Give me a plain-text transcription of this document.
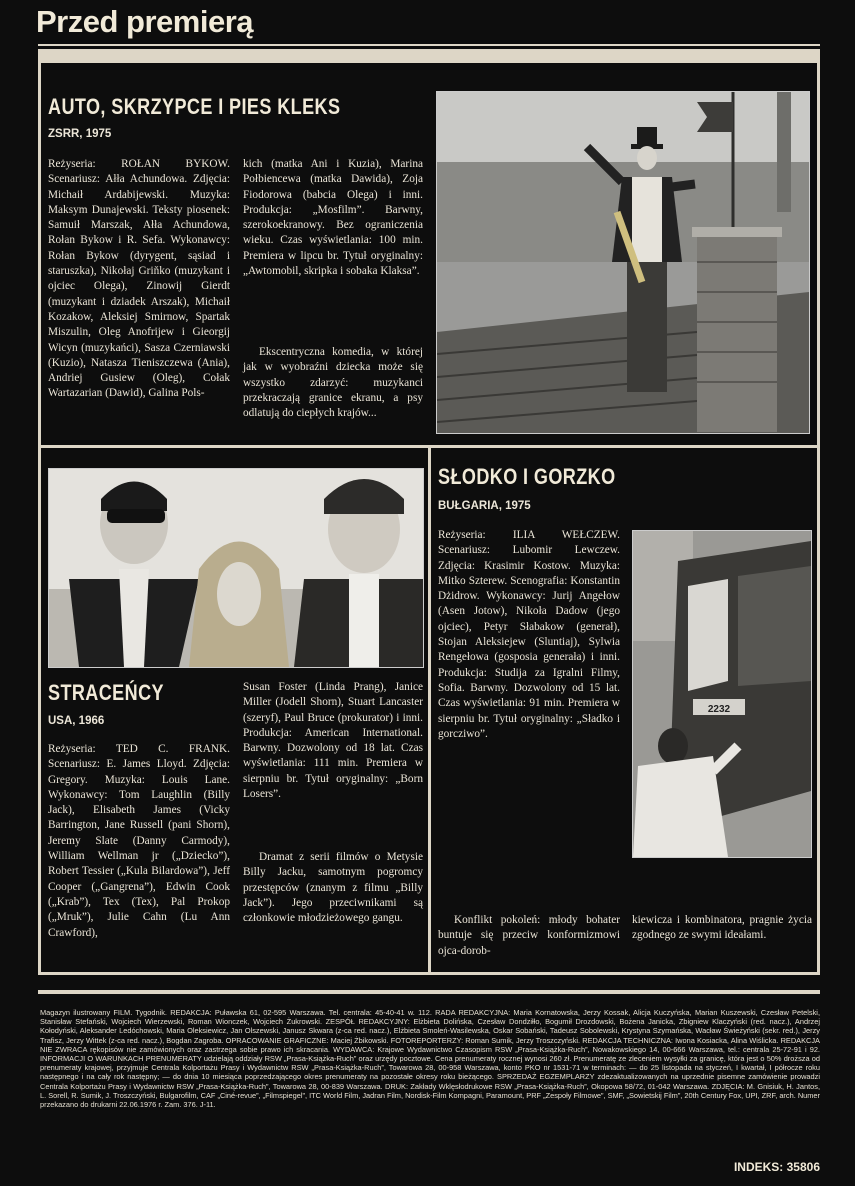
Przed premierą
AUTO, SKRZYPCE I PIES KLEKS
ZSRR, 1975
Reżyseria: ROŁAN BYKOW. Scenariusz: Ałła Achundowa. Zdjęcia: Michaił Ardabijewski. Muzyka: Maksym Dunajewski. Teksty piosenek: Samuił Marszak, Ałła Achundowa, Rołan Bykow i R. Sefa. Wykonawcy: Rołan Bykow (dyrygent, sąsiad i staruszka), Nikołaj Griňko (muzykant i ojciec Olega), Zinowij Gierdt (muzykant i dziadek Arszak), Michaił Kozakow, Aleksiej Smirnow, Spartak Miszulin, Oleg Anofrijew i Gieorgij Wicyn (muzykańci), Sasza Czerniawski (Kuzio), Natasza Tieniszczewa (Ania), Andriej Gusiew (Oleg), Cołak Wartazarian (Dawid), Galina Pols-
kich (matka Ani i Kuzia), Marina Połbiencewa (matka Dawida), Zoja Fiodorowa (babcia Olega) i inni. Produkcja: „Mosfilm”. Barwny, szerokoekranowy. Bez ograniczenia wieku. Czas wyświetlania: 100 min. Premiera w lipcu br. Tytuł oryginalny: „Awtomobil, skripka i sobaka Klaksa”.
Ekscentryczna komedia, w której jak w wyobraźni dziecka może się wszystko zdarzyć: muzykanci przekraczają granice ekranu, a psy odlatują do ciepłych krajów...
STRACEŃCY
USA, 1966
Reżyseria: TED C. FRANK. Scenariusz: E. James Lloyd. Zdjęcia: Gregory. Muzyka: Louis Lane. Wykonawcy: Tom Laughlin (Billy Jack), Elisabeth James (Vicky Barrington, Jane Russell (pani Shorn), Jeremy Slate (Danny Carmody), William Wellman jr („Dziecko”), Robert Tessier („Kula Bilardowa”), Jeff Cooper („Gangrena”), Edwin Cook („Krab”), Tex (Tex), Pal Prokop („Mruk”), Julie Cahn (Lu Ann Crawford),
Susan Foster (Linda Prang), Janice Miller (Jodell Shorn), Stuart Lancaster (szeryf), Paul Bruce (prokurator) i inni. Produkcja: American International. Barwny. Dozwolony od 18 lat. Czas wyświetlania: 111 min. Premiera w sierpniu br. Tytuł oryginalny: „Born Losers”.
Dramat z serii filmów o Metysie Billy Jacku, samotnym pogromcy przestępców (znanym z filmu „Billy Jack”). Jego przeciwnikami są członkowie młodzieżowego gangu.
SŁODKO I GORZKO
BUŁGARIA, 1975
Reżyseria: ILIA WEŁCZEW. Scenariusz: Lubomir Lewczew. Zdjęcia: Krasimir Kostow. Muzyka: Mitko Szterew. Scenografia: Konstantin Dżidrow. Wykonawcy: Jurij Angełow (Asen Jotow), Nikoła Dadow (jego ojciec), Petyr Słabakow (generał), Stojan Aleksiejew (Sluntiaj), Sylwia Rengełowa (gosposia generała) i inni. Produkcja: Studija za Igralni Filmy, Sofia. Barwny. Dozwolony od 15 lat. Czas wyświetlania: 91 min. Premiera w sierpniu br. Tytuł oryginalny: „Sładko i gorcziwo”.
2232
Konflikt pokoleń: młody bohater buntuje się przeciw konformizmowi ojca-dorob-
kiewicza i kombinatora, pragnie życia zgodnego ze swymi ideałami.
Magazyn ilustrowany FILM. Tygodnik. REDAKCJA: Puławska 61, 02-595 Warszawa. Tel. centrala: 45-40-41 w. 112. RADA REDAKCYJNA: Maria Kornatowska, Jerzy Kossak, Alicja Kuczyńska, Marian Kuszewski, Czesław Petelski, Stanisław Stefański, Wojciech Wierzewski, Roman Wionczek, Wojciech Żukrowski. ZESPÓŁ REDAKCYJNY: Elżbieta Dolińska, Czesław Dondziłło, Bogumił Drozdowski, Bożena Janicka, Zbigniew Klaczyński (red. nacz.), Andrzej Kołodyński, Aleksander Ledóchowski, Maria Oleksiewicz, Jan Olszewski, Janusz Skwara (z-ca red. nacz.), Elżbieta Smoleń-Wasilewska, Oskar Sobański, Tadeusz Sobolewski, Krystyna Szymańska, Wacław Świeżyński (sekr. red.), Jerzy Trafisz, Jerzy Wittek (z-ca red. nacz.), Bogdan Zagroba. OPRACOWANIE GRAFICZNE: Maciej Żbikowski. FOTOREPORTERZY: Roman Sumik, Jerzy Troszczyński. REDAKCJA TECHNICZNA: Iwona Kosiacka, Alina Wiślicka. REDAKCJA NIE ZWRACA rękopisów nie zamówionych oraz zastrzega sobie prawo ich skracania. WYDAWCA: Krajowe Wydawnictwo Czasopism RSW „Prasa-Książka-Ruch”, Nowakowskiego 14, 00-666 Warszawa, tel.: centrala 25-72-91 i 92. INFORMACJI O WARUNKACH PRENUMERATY udzielają oddziały RSW „Prasa-Książka-Ruch” oraz urzędy pocztowe. Cena prenumeraty rocznej wynosi 260 zł. Prenumeratę ze zleceniem wysyłki za granicę, która jest o 50% droższa od prenumeraty krajowej, przyjmuje Centrala Kolportażu Prasy i Wydawnictw RSW „Prasa-Książka-Ruch”, Towarowa 28, 00-958 Warszawa, konto PKO nr 1531-71 w terminach: — do 25 listopada na styczeń, I kwartał, I półrocze roku następnego i na cały rok następny; — do dnia 10 miesiąca poprzedzającego okres prenumeraty na pozostałe okresy roku bieżącego. SPRZEDAŻ EGZEMPLARZY zdezaktualizowanych na uprzednie pisemne zamówienie prowadzi Centrala Kolportażu Prasy i Wydawnictw RSW „Prasa-Książka-Ruch”, Towarowa 28, 00-839 Warszawa. DRUK: Zakłady Wklęsłodrukowe RSW „Prasa-Książka-Ruch”, Okopowa 58/72, 01-042 Warszawa. ZDJĘCIA: M. Gnisiuk, H. Jantos, L. Sorell, R. Sumik, J. Troszczyński, Bulgarofilm, CAF „Ciné-revue”, „Filmspiegel”, ITC World Film, Jadran Film, Nordisk-Film Kompagni, Paramount, PRF „Zespoły Filmowe”, SMF, „Sowietskij Film”, 20th Century Fox, UPI, ZRF, arch. Numer przekazano do drukarni 22.06.1976 r. Zam. 376. J-11.
INDEKS: 35806
